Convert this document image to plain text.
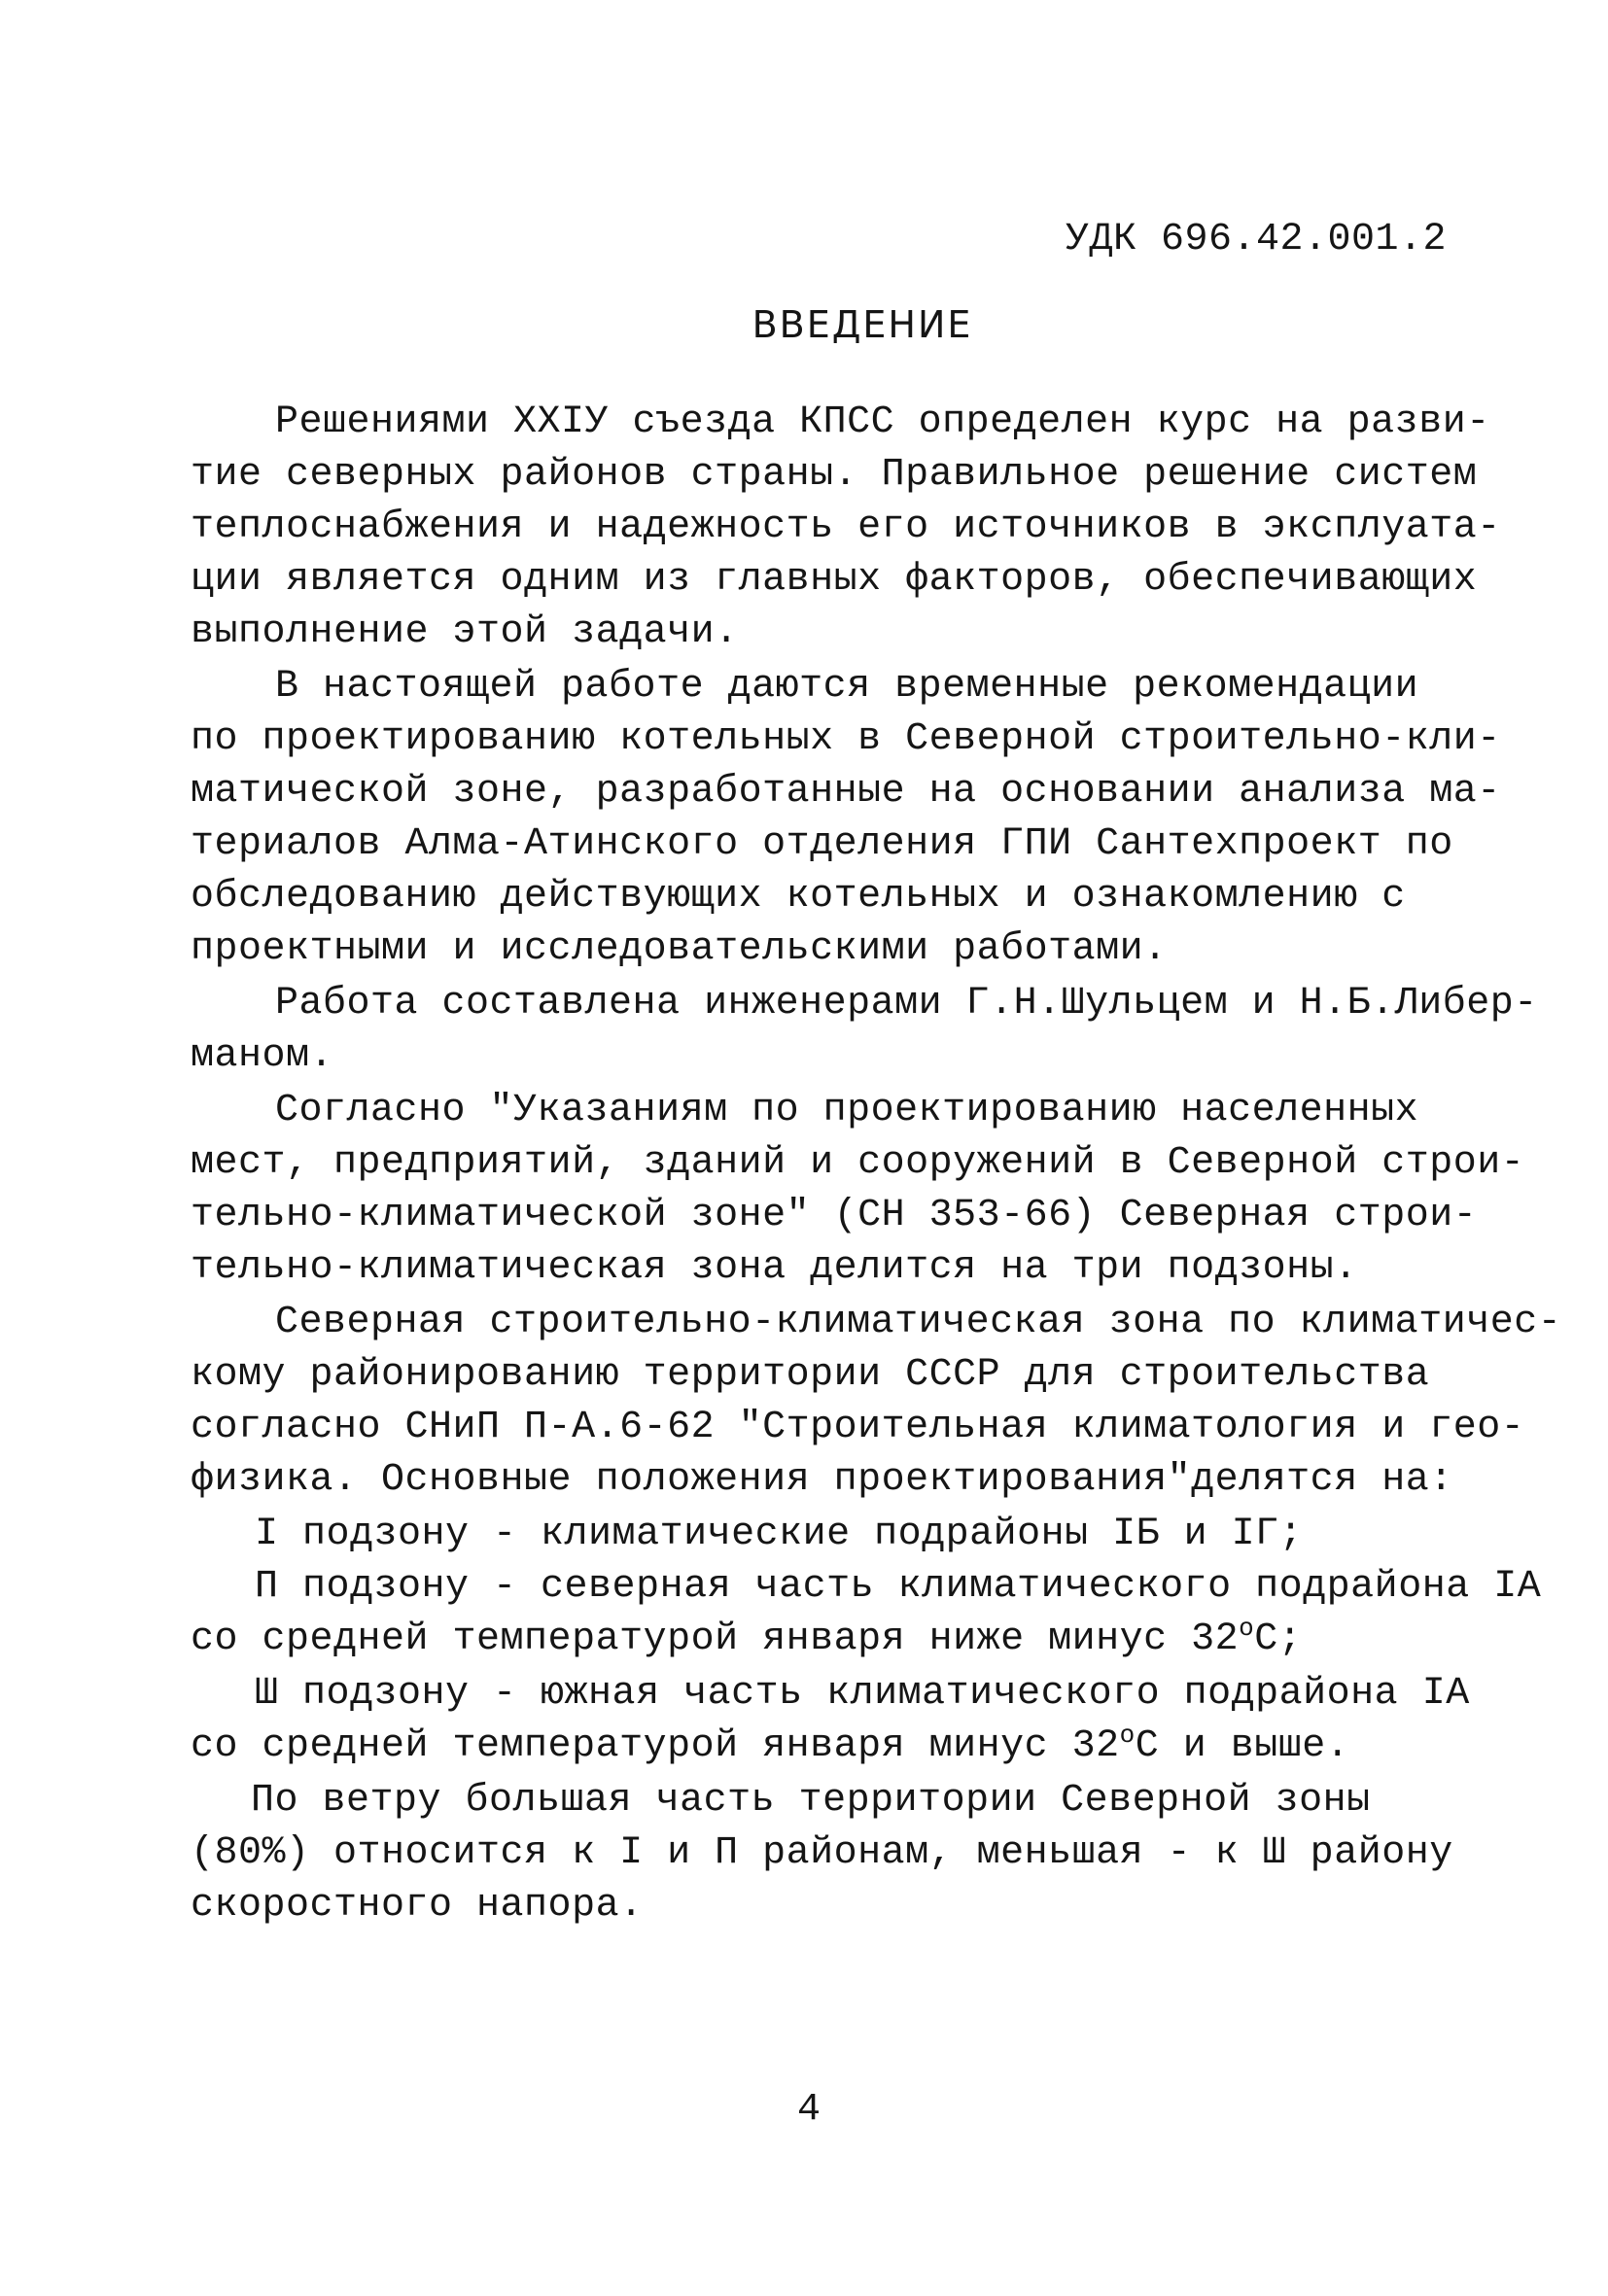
УДК 696.42.001.2
ВВЕДЕНИЕ
Решениями ХХIУ съезда КПСС определен курс на разви-
тие северных районов страны. Правильное решение систем
теплоснабжения и надежность его источников в эксплуата-
ции является одним из главных факторов, обеспечивающих
выполнение этой задачи.
В настоящей работе даются временные рекомендации
по проектированию котельных в Северной строительно-кли-
матической зоне, разработанные на основании анализа ма-
териалов Алма-Атинского отделения ГПИ Сантехпроект по
обследованию действующих котельных и ознакомлению с
проектными и исследовательскими работами.
Работа составлена инженерами Г.Н.Шульцем и Н.Б.Либер-
маном.
Согласно "Указаниям по проектированию населенных
мест, предприятий, зданий и сооружений в Северной строи-
тельно-климатической зоне" (СН 353-66) Северная строи-
тельно-климатическая зона делится на три подзоны.
Северная строительно-климатическая зона по климатичес-
кому районированию территории СССР для строительства
согласно СНиП П-А.6-62 "Строительная климатология и гео-
физика. Основные положения проектирования"делятся на:
I подзону - климатические подрайоны IБ и IГ;
П подзону - северная часть климатического подрайона IА
со средней температурой января ниже минус $32^оС$;
Ш подзону - южная часть климатического подрайона IА
со средней температурой января минус $32^оС$ и выше.
По ветру большая часть территории Северной зоны
(80%) относится к I и П районам, меньшая - к Ш району
скоростного напора.
4
